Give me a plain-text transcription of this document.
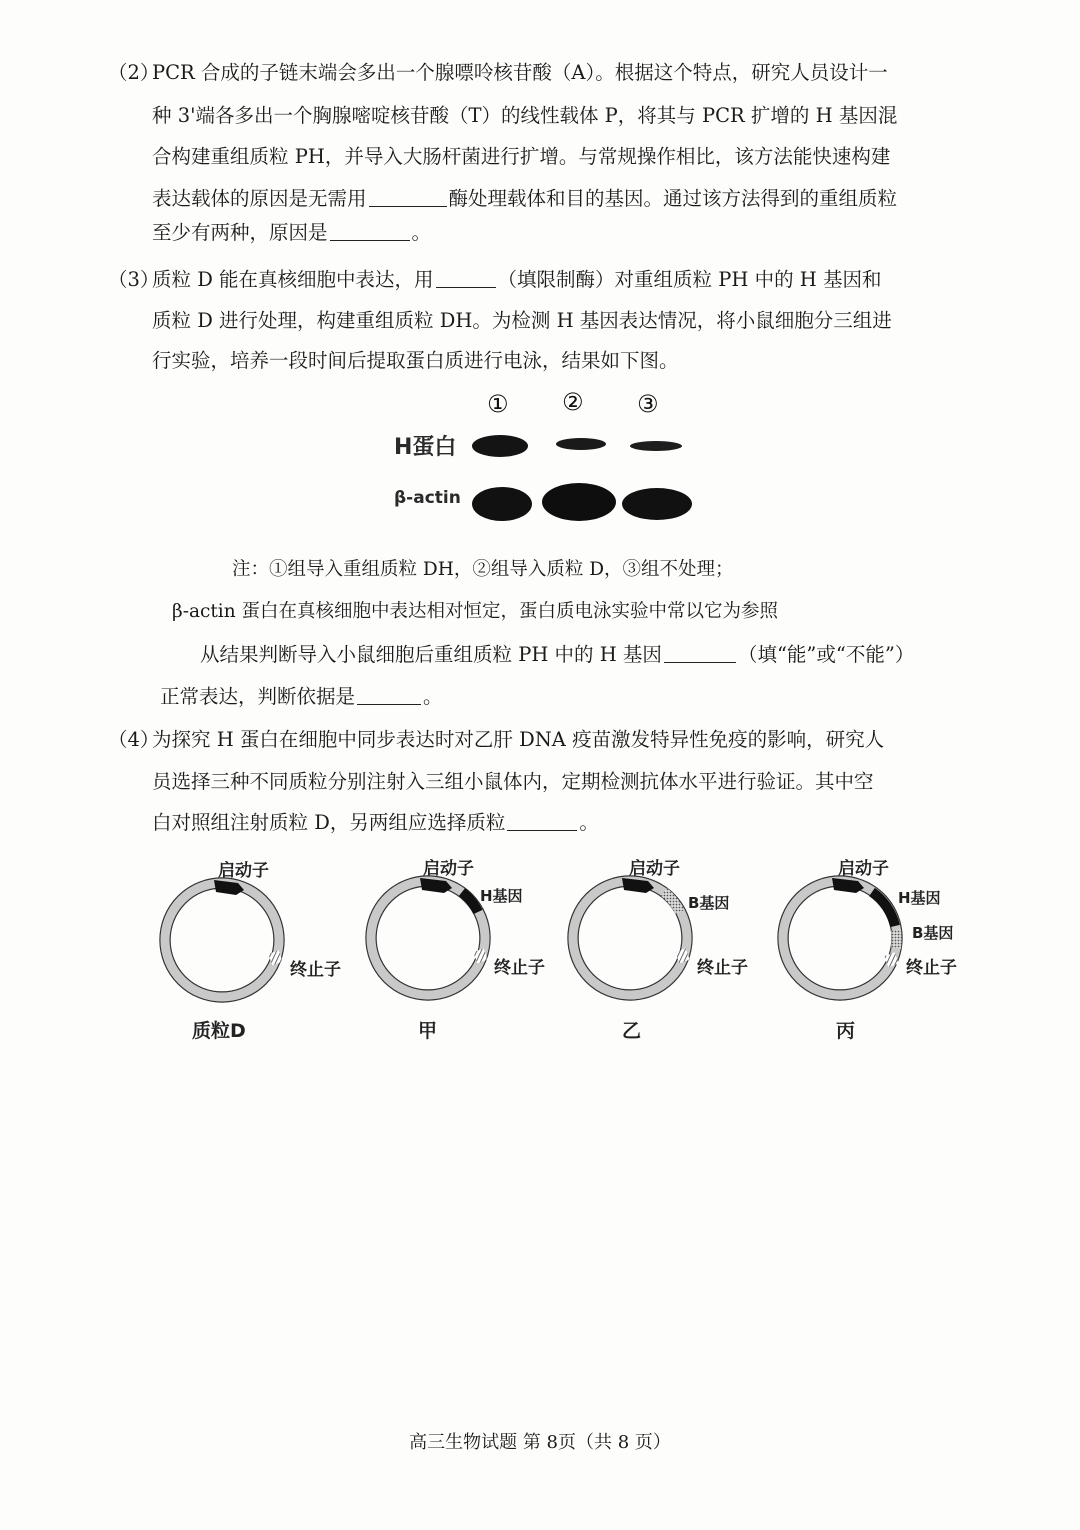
（2）
PCR 合成的子链末端会多出一个腺嘌呤核苷酸（A）。根据这个特点，研究人员设计一
种 3'端各多出一个胸腺嘧啶核苷酸（T）的线性载体 P，将其与 PCR 扩增的 H 基因混
合构建重组质粒 PH，并导入大肠杆菌进行扩增。与常规操作相比，该方法能快速构建
表达载体的原因是无需用	酶处理载体和目的基因。通过该方法得到的重组质粒
至少有两种，原因是	。
（3）
质粒 D 能在真核细胞中表达，用	（填限制酶）对重组质粒 PH 中的 H 基因和
质粒 D 进行处理，构建重组质粒 DH。为检测 H 基因表达情况，将小鼠细胞分三组进
行实验，培养一段时间后提取蛋白质进行电泳，结果如下图。
① ② ③
H蛋白
β-actin
注：①组导入重组质粒 DH，②组导入质粒 D，③组不处理；
β-actin 蛋白在真核细胞中表达相对恒定，蛋白质电泳实验中常以它为参照
从结果判断导入小鼠细胞后重组质粒 PH 中的 H 基因	（填“能”或“不能”）
正常表达，判断依据是	。
（4）
为探究 H 蛋白在细胞中同步表达时对乙肝 DNA 疫苗激发特异性免疫的影响，研究人
员选择三种不同质粒分别注射入三组小鼠体内，定期检测抗体水平进行验证。其中空
白对照组注射质粒 D，另两组应选择质粒	。
启动子
终止子
质粒D
启动子
H基因
终止子
甲
启动子
B基因
终止子
乙
启动子
H基因
B基因
终止子
丙
高三生物试题 第 8页（共 8 页）
